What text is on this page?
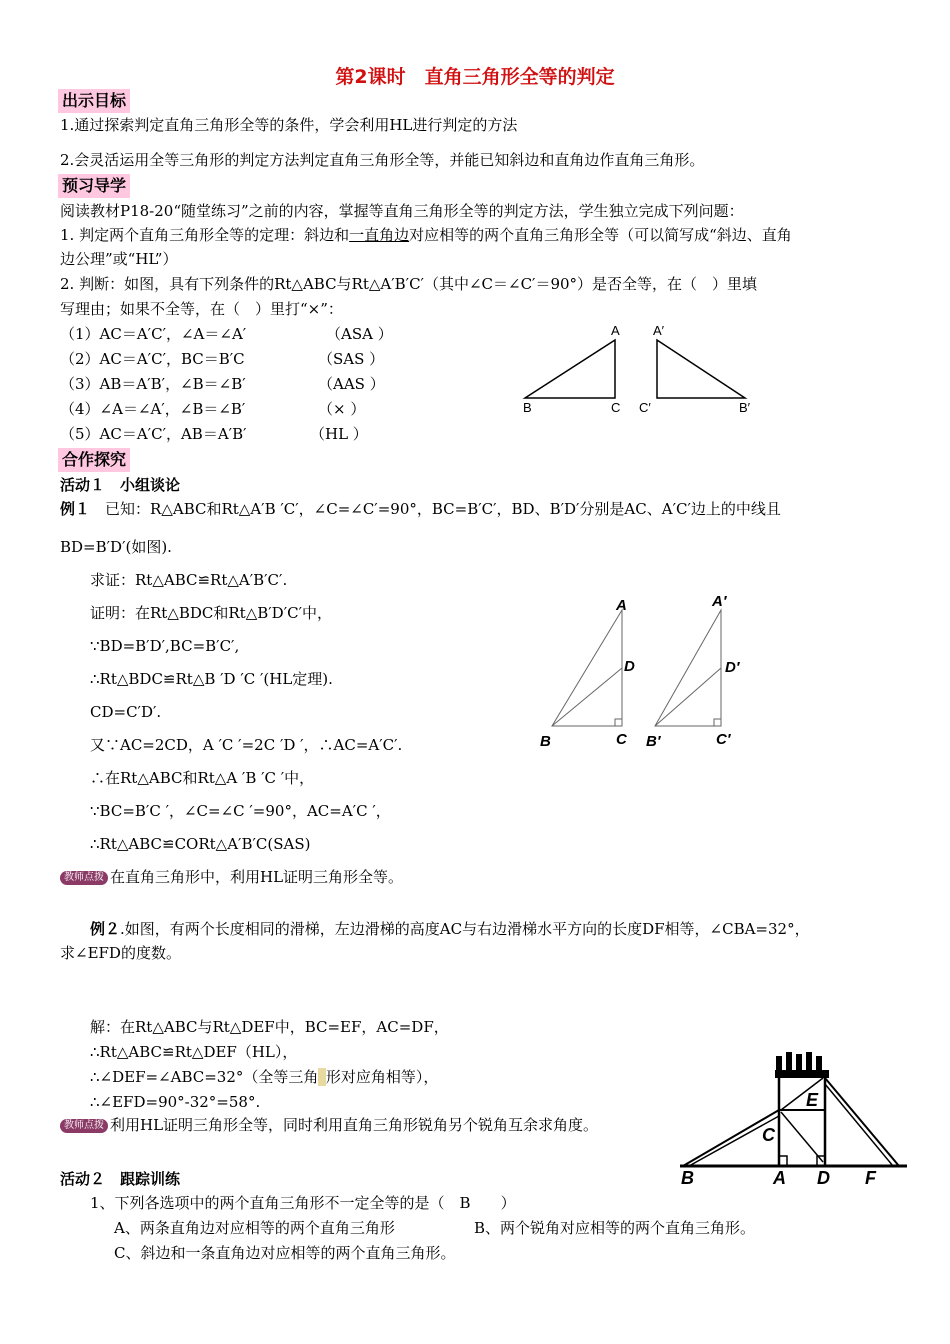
第2课时　直角三角形全等的判定
出示目标
1.通过探索判定直角三角形全等的条件，学会利用HL进行判定的方法
2.会灵活运用全等三角形的判定方法判定直角三角形全等，并能已知斜边和直角边作直角三角形。
预习导学
阅读教材P18-20“随堂练习”之前的内容，掌握等直角三角形全等的判定方法，学生独立完成下列问题：
1. 判定两个直角三角形全等的定理：斜边和一直角边对应相等的两个直角三角形全等（可以简写成“斜边、直角
边公理”或“HL”）
2. 判断：如图，具有下列条件的Rt△ABC与Rt△A′B′C′（其中∠C＝∠C′＝90°）是否全等，在（　）里填
写理由；如果不全等，在（　）里打“×”：
（1）AC＝A′C′，∠A＝∠A′	（ASA ）
（2）AC＝A′C′，BC＝B′C	（SAS ）
（3）AB＝A′B′，∠B＝∠B′	（AAS ）
（4）∠A＝∠A′，∠B＝∠B′	（× ）
（5）AC＝A′C′，AB＝A′B′	（HL ）
A
B	C
A′
C′	B′
合作探究
活动１　小组谈论
例１　 已知：R△ABC和Rt△A′B ′C′，∠C=∠C′=90°，BC=B′C′，BD、B′D′分别是AC、A′C′边上的中线且
BD=B′D′(如图).
求证：Rt△ABC≌Rt△A′B′C′.
证明：在Rt△BDC和Rt△B′D′C′中，
∵BD=B′D′,BC=B′C′,
∴Rt△BDC≌Rt△B ′D ′C ′(HL定理).
CD=C′D′.
又∵AC=2CD，A ′C ′=2C ′D ′，∴AC=A′C′.
∴在Rt△ABC和Rt△A ′B ′C ′中，
∵BC=B′C ′，∠C=∠C ′=90°，AC=A′C ′，
∴Rt△ABC≌CORt△A′B′C(SAS)
教师点拨 在直角三角形中，利用HL证明三角形全等。
A
D
B	C
A′
D′
B′	C′
例２.如图，有两个长度相同的滑梯，左边滑梯的高度AC与右边滑梯水平方向的长度DF相等，∠CBA=32°，
求∠EFD的度数。
解：在Rt△ABC与Rt△DEF中，BC=EF，AC=DF，
∴Rt△ABC≌Rt△DEF（HL），
∴∠DEF=∠ABC=32°（全等三角  形对应角相等），
∴∠EFD=90°-32°=58°.
教师点拨 利用HL证明三角形全等，同时利用直角三角形锐角另个锐角互余求角度。
B	A D F
C
E
活动２　跟踪训练
1、下列各选项中的两个直角三角形不一定全等的是（　B　　）
A、两条直角边对应相等的两个直角三角形	B、两个锐角对应相等的两个直角三角形。
C、斜边和一条直角边对应相等的两个直角三角形。
